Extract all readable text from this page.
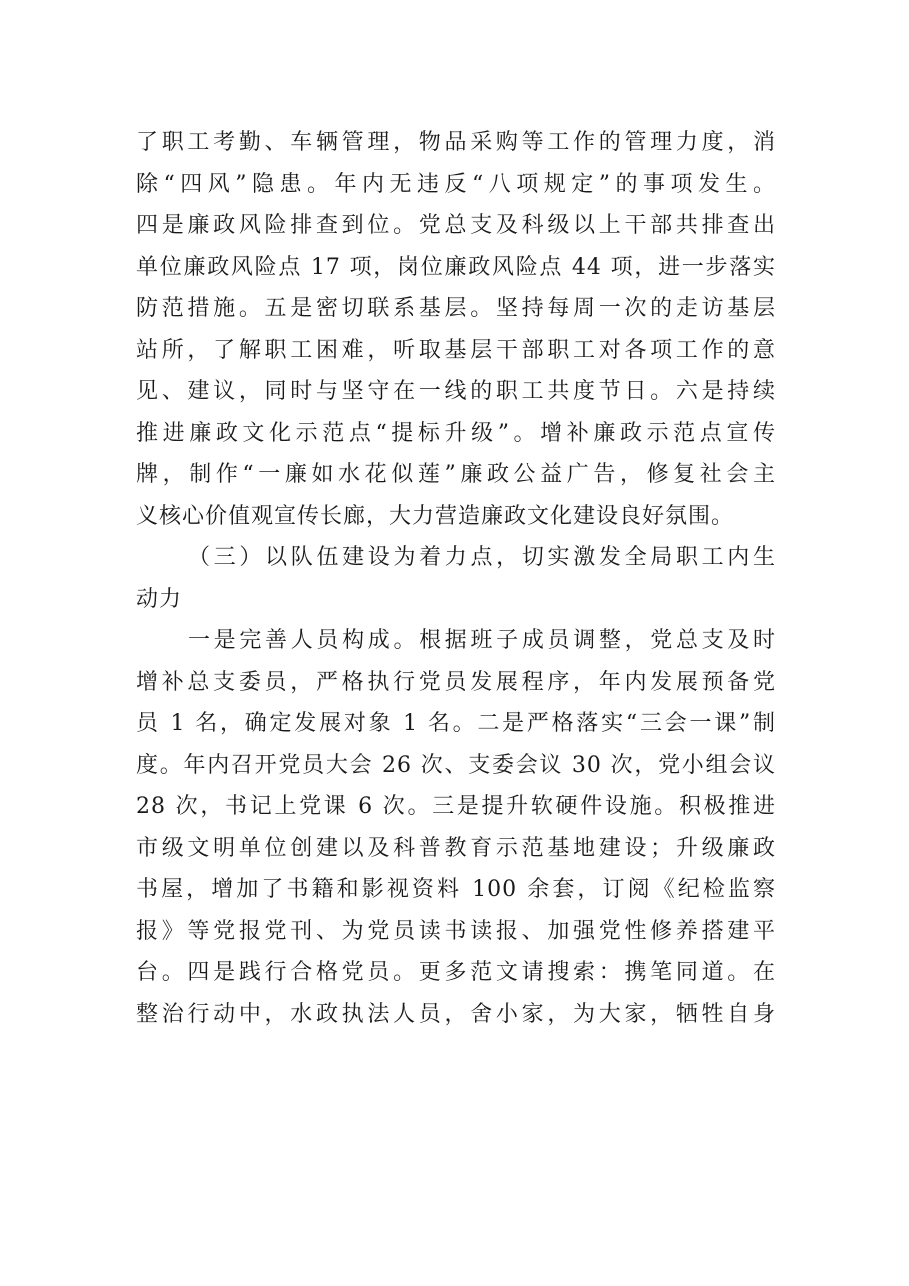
了职工考勤、车辆管理，物品采购等工作的管理力度，消
除“四风”隐患。年内无违反“八项规定”的事项发生。
四是廉政风险排查到位。党总支及科级以上干部共排查出
单位廉政风险点 17 项，岗位廉政风险点 44 项，进一步落实
防范措施。五是密切联系基层。坚持每周一次的走访基层
站所，了解职工困难，听取基层干部职工对各项工作的意
见、建议，同时与坚守在一线的职工共度节日。六是持续
推进廉政文化示范点“提标升级”。增补廉政示范点宣传
牌，制作“一廉如水花似莲”廉政公益广告，修复社会主
义核心价值观宣传长廊，大力营造廉政文化建设良好氛围。
（三）以队伍建设为着力点，切实激发全局职工内生
动力
一是完善人员构成。根据班子成员调整，党总支及时
增补总支委员，严格执行党员发展程序，年内发展预备党
员 1 名，确定发展对象 1 名。二是严格落实“三会一课”制
度。年内召开党员大会 26 次、支委会议 30 次，党小组会议
28 次，书记上党课 6 次。三是提升软硬件设施。积极推进
市级文明单位创建以及科普教育示范基地建设；升级廉政
书屋，增加了书籍和影视资料 100 余套，订阅《纪检监察
报》等党报党刊、为党员读书读报、加强党性修养搭建平
台。四是践行合格党员。更多范文请搜索：携笔同道。在
整治行动中，水政执法人员，舍小家，为大家，牺牲自身
